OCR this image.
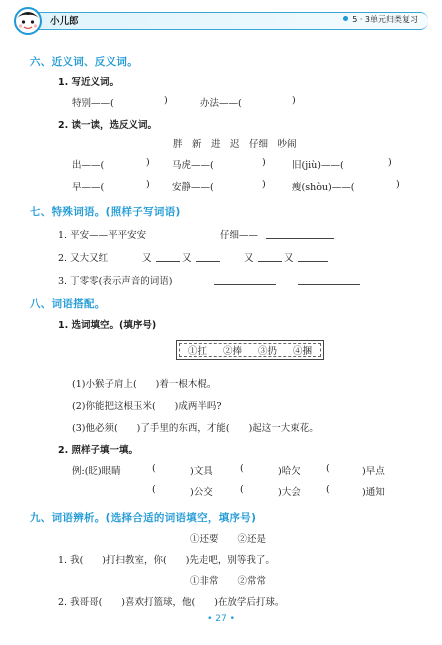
小儿郎	5 · 3单元归类复习
六、近义词、反义词。
1. 写近义词。
特别——(	)	办法——(	)
2. 读一读，选反义词。
胖　新　进　迟　仔细　吵闹
出——(	) 马虎——(	)	旧(jiù)——(	)
早——(	) 安静——(	)	瘦(shòu)——(	)
七、特殊词语。(照样子写词语)
1. 平安——平平安安	仔细——
2. 又大又红	又	又	又	又
3. 丁零零(表示声音的词语)
八、词语搭配。
1. 选词填空。(填序号)
①扛 ②捧 ③扔 ④捆
(1)小猴子肩上(　　)着一根木棍。
(2)你能把这根玉米(　　)成两半吗?
(3)他必须(　　)了手里的东西，才能(　　)起这一大束花。
2. 照样子填一填。
例:(眨)眼睛	(	)文具	(	)哈欠	(	)早点
(	)公交	(	)大会	(	)通知
九、词语辨析。(选择合适的词语填空，填序号)
①还要　　②还是
1. 我(　　)打扫教室，你(　　)先走吧，别等我了。
①非常　　②常常
2. 我哥哥(　　)喜欢打篮球，他(　　)在放学后打球。
• 27 •
